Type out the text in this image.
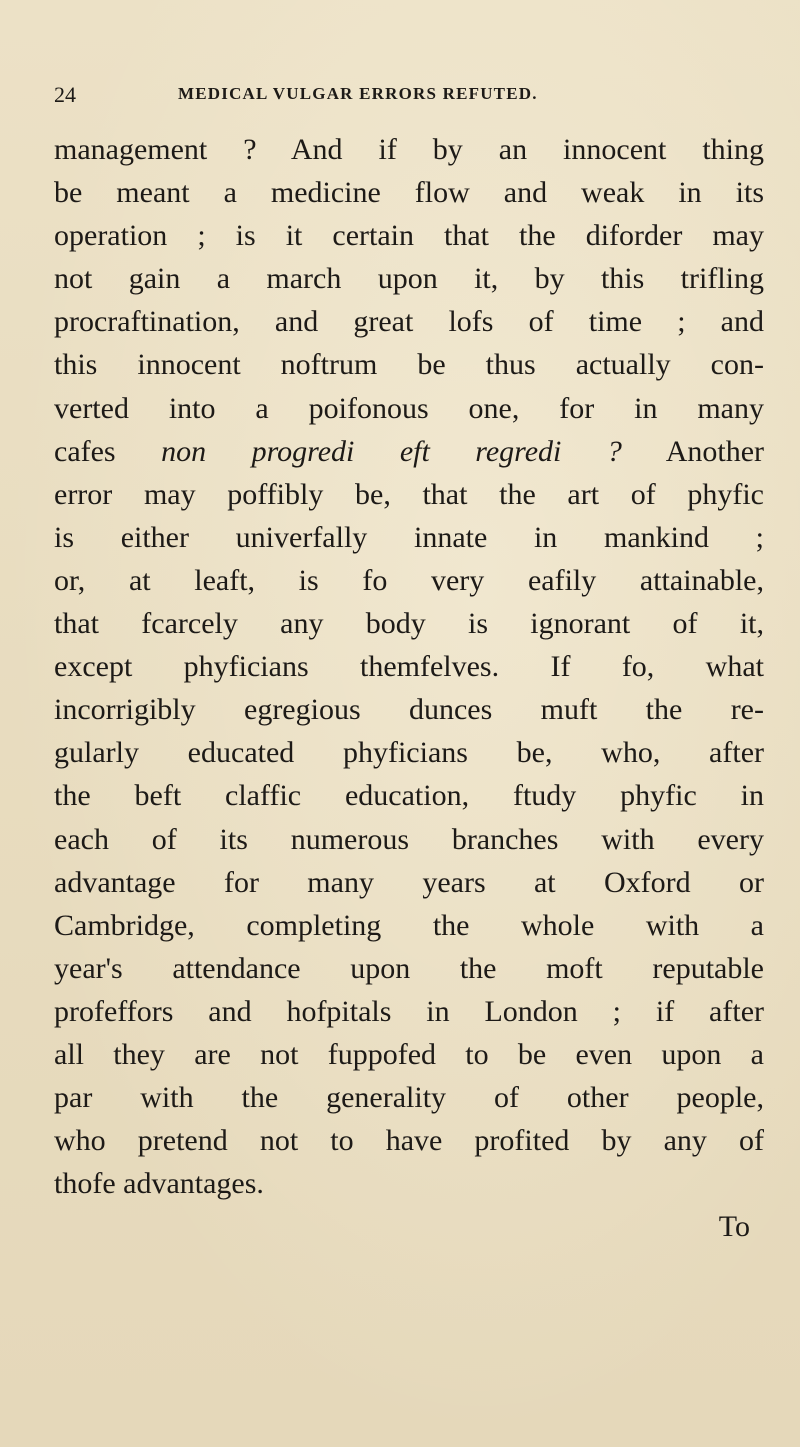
24	MEDICAL VULGAR ERRORS REFUTED.
management ? And if by an innocent thing
be meant a medicine flow and weak in its
operation ; is it certain that the diforder may
not gain a march upon it, by this trifling
procraftination, and great lofs of time ; and
this innocent noftrum be thus actually con-
verted into a poifonous one, for in many
cafes non progredi eft regredi ? Another
error may poffibly be, that the art of phyfic
is either univerfally innate in mankind ;
or, at leaft, is fo very eafily attainable,
that fcarcely any body is ignorant of it,
except phyficians themfelves. If fo, what
incorrigibly egregious dunces muft the re-
gularly educated phyficians be, who, after
the beft claffic education, ftudy phyfic in
each of its numerous branches with every
advantage for many years at Oxford or
Cambridge, completing the whole with a
year's attendance upon the moft reputable
profeffors and hofpitals in London ; if after
all they are not fuppofed to be even upon a
par with the generality of other people,
who pretend not to have profited by any of
thofe advantages.
To
